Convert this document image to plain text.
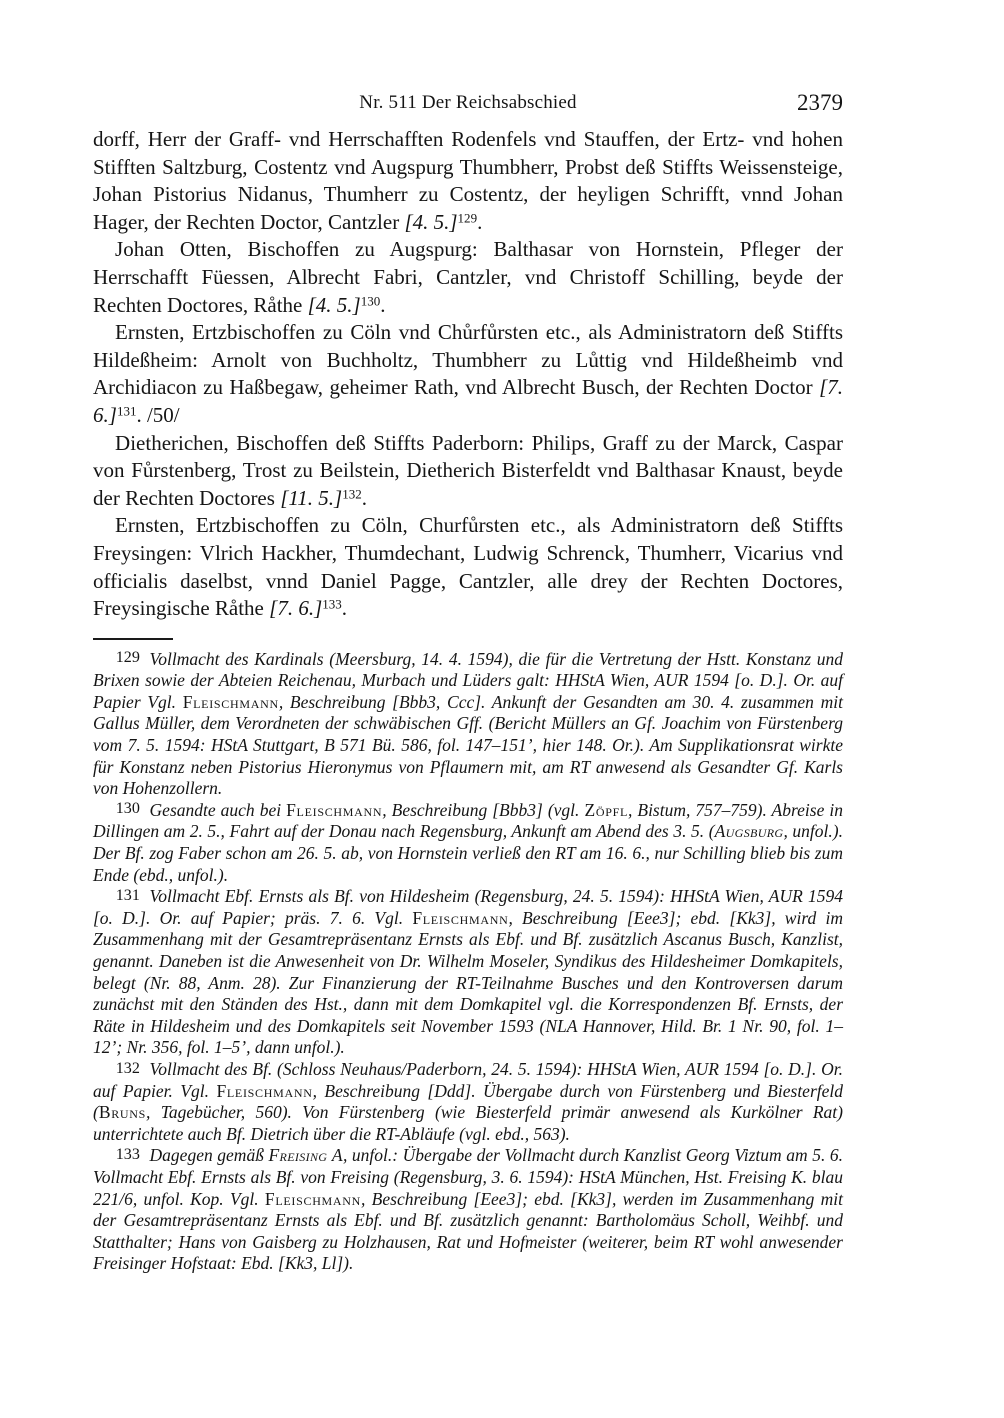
Nr. 511 Der Reichsabschied	2379

dorff, Herr der Graff- vnd Herrschafften Rodenfels vnd Stauffen, der Ertz- vnd hohen Stifften Saltzburg, Costentz vnd Augspurg Thumbherr, Probst deß Stiffts Weissensteige, Johan Pistorius Nidanus, Thumherr zu Costentz, der heyligen Schrifft, vnnd Johan Hager, der Rechten Doctor, Cantzler [4. 5.]$^{129}$.

Johan Otten, Bischoffen zu Augspurg: Balthasar von Hornstein, Pfleger der Herrschafft Füessen, Albrecht Fabri, Cantzler, vnd Christoff Schilling, beyde der Rechten Doctores, Råthe [4. 5.]$^{130}$.

Ernsten, Ertzbischoffen zu Cöln vnd Chůrfůrsten etc., als Administratorn deß Stiffts Hildeßheim: Arnolt von Buchholtz, Thumbherr zu Lůttig vnd Hildeßheimb vnd Archidiacon zu Haßbegaw, geheimer Rath, vnd Albrecht Busch, der Rechten Doctor [7. 6.]$^{131}$. /50/

Dietherichen, Bischoffen deß Stiffts Paderborn: Philips, Graff zu der Marck, Caspar von Fůrstenberg, Trost zu Beilstein, Dietherich Bisterfeldt vnd Balthasar Knaust, beyde der Rechten Doctores [11. 5.]$^{132}$.

Ernsten, Ertzbischoffen zu Cöln, Churfůrsten etc., als Administratorn deß Stiffts Freysingen: Vlrich Hackher, Thumdechant, Ludwig Schrenck, Thumherr, Vicarius vnd officialis daselbst, vnnd Daniel Pagge, Cantzler, alle drey der Rechten Doctores, Freysingische Råthe [7. 6.]$^{133}$.

129 Vollmacht des Kardinals (Meersburg, 14. 4. 1594), die für die Vertretung der Hstt. Konstanz und Brixen sowie der Abteien Reichenau, Murbach und Lüders galt: HHStA Wien, AUR 1594 [o. D.]. Or. auf Papier Vgl. Fleischmann, Beschreibung [Bbb3, Ccc]. Ankunft der Gesandten am 30. 4. zusammen mit Gallus Müller, dem Verordneten der schwäbischen Gff. (Bericht Müllers an Gf. Joachim von Fürstenberg vom 7. 5. 1594: HStA Stuttgart, B 571 Bü. 586, fol. 147–151’, hier 148. Or.). Am Supplikationsrat wirkte für Konstanz neben Pistorius Hieronymus von Pflaumern mit, am RT anwesend als Gesandter Gf. Karls von Hohenzollern.

130 Gesandte auch bei Fleischmann, Beschreibung [Bbb3] (vgl. Zöpfl, Bistum, 757–759). Abreise in Dillingen am 2. 5., Fahrt auf der Donau nach Regensburg, Ankunft am Abend des 3. 5. (Augsburg, unfol.). Der Bf. zog Faber schon am 26. 5. ab, von Hornstein verließ den RT am 16. 6., nur Schilling blieb bis zum Ende (ebd., unfol.).

131 Vollmacht Ebf. Ernsts als Bf. von Hildesheim (Regensburg, 24. 5. 1594): HHStA Wien, AUR 1594 [o. D.]. Or. auf Papier; präs. 7. 6. Vgl. Fleischmann, Beschreibung [Eee3]; ebd. [Kk3], wird im Zusammenhang mit der Gesamtrepräsentanz Ernsts als Ebf. und Bf. zusätzlich Ascanus Busch, Kanzlist, genannt. Daneben ist die Anwesenheit von Dr. Wilhelm Moseler, Syndikus des Hildesheimer Domkapitels, belegt (Nr. 88, Anm. 28). Zur Finanzierung der RT-Teilnahme Busches und den Kontroversen darum zunächst mit den Ständen des Hst., dann mit dem Domkapitel vgl. die Korrespondenzen Bf. Ernsts, der Räte in Hildesheim und des Domkapitels seit November 1593 (NLA Hannover, Hild. Br. 1 Nr. 90, fol. 1–12’; Nr. 356, fol. 1–5’, dann unfol.).

132 Vollmacht des Bf. (Schloss Neuhaus/Paderborn, 24. 5. 1594): HHStA Wien, AUR 1594 [o. D.]. Or. auf Papier. Vgl. Fleischmann, Beschreibung [Ddd]. Übergabe durch von Fürstenberg und Biesterfeld (Bruns, Tagebücher, 560). Von Fürstenberg (wie Biesterfeld primär anwesend als Kurkölner Rat) unterrichtete auch Bf. Dietrich über die RT-Abläufe (vgl. ebd., 563).

133 Dagegen gemäß Freising A, unfol.: Übergabe der Vollmacht durch Kanzlist Georg Viztum am 5. 6. Vollmacht Ebf. Ernsts als Bf. von Freising (Regensburg, 3. 6. 1594): HStA München, Hst. Freising K. blau 221/6, unfol. Kop. Vgl. Fleischmann, Beschreibung [Eee3]; ebd. [Kk3], werden im Zusammenhang mit der Gesamtrepräsentanz Ernsts als Ebf. und Bf. zusätzlich genannt: Bartholomäus Scholl, Weihbf. und Statthalter; Hans von Gaisberg zu Holzhausen, Rat und Hofmeister (weiterer, beim RT wohl anwesender Freisinger Hofstaat: Ebd. [Kk3, Ll]).
